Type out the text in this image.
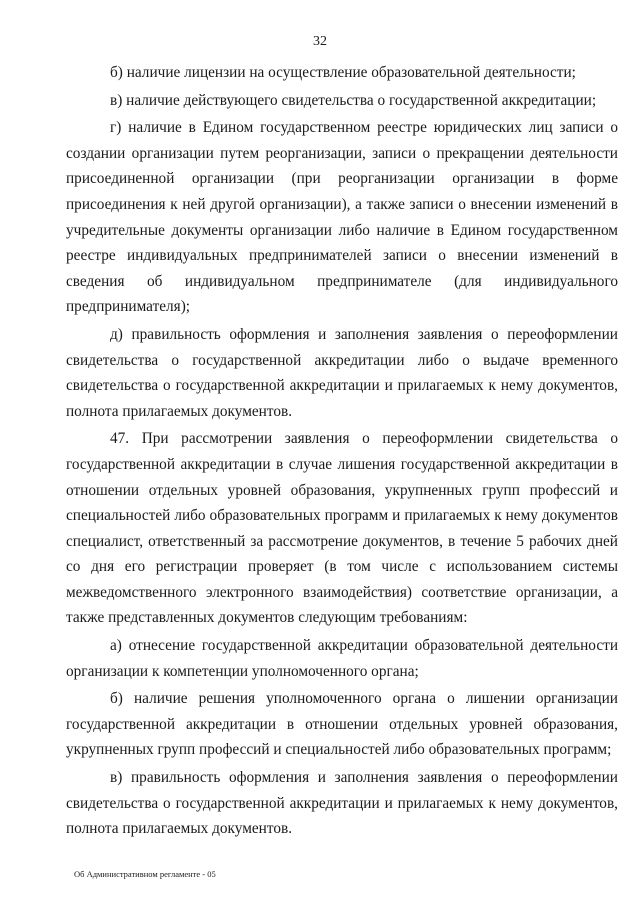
32

б) наличие лицензии на осуществление образовательной деятельности;

в) наличие действующего свидетельства о государственной аккредитации;

г) наличие в Едином государственном реестре юридических лиц записи о создании организации путем реорганизации, записи о прекращении деятельности присоединенной организации (при реорганизации организации в форме присоединения к ней другой организации), а также записи о внесении изменений в учредительные документы организации либо наличие в Едином государственном реестре индивидуальных предпринимателей записи о внесении изменений в сведения об индивидуальном предпринимателе (для индивидуального предпринимателя);

д) правильность оформления и заполнения заявления о переоформлении свидетельства о государственной аккредитации либо о выдаче временного свидетельства о государственной аккредитации и прилагаемых к нему документов, полнота прилагаемых документов.

47. При рассмотрении заявления о переоформлении свидетельства о государственной аккредитации в случае лишения государственной аккредитации в отношении отдельных уровней образования, укрупненных групп профессий и специальностей либо образовательных программ и прилагаемых к нему документов специалист, ответственный за рассмотрение документов, в течение 5 рабочих дней со дня его регистрации проверяет (в том числе с использованием системы межведомственного электронного взаимодействия) соответствие организации, а также представленных документов следующим требованиям:

а) отнесение государственной аккредитации образовательной деятельности организации к компетенции уполномоченного органа;

б) наличие решения уполномоченного органа о лишении организации государственной аккредитации в отношении отдельных уровней образования, укрупненных групп профессий и специальностей либо образовательных программ;

в) правильность оформления и заполнения заявления о переоформлении свидетельства о государственной аккредитации и прилагаемых к нему документов, полнота прилагаемых документов.

Об Административном регламенте - 05
